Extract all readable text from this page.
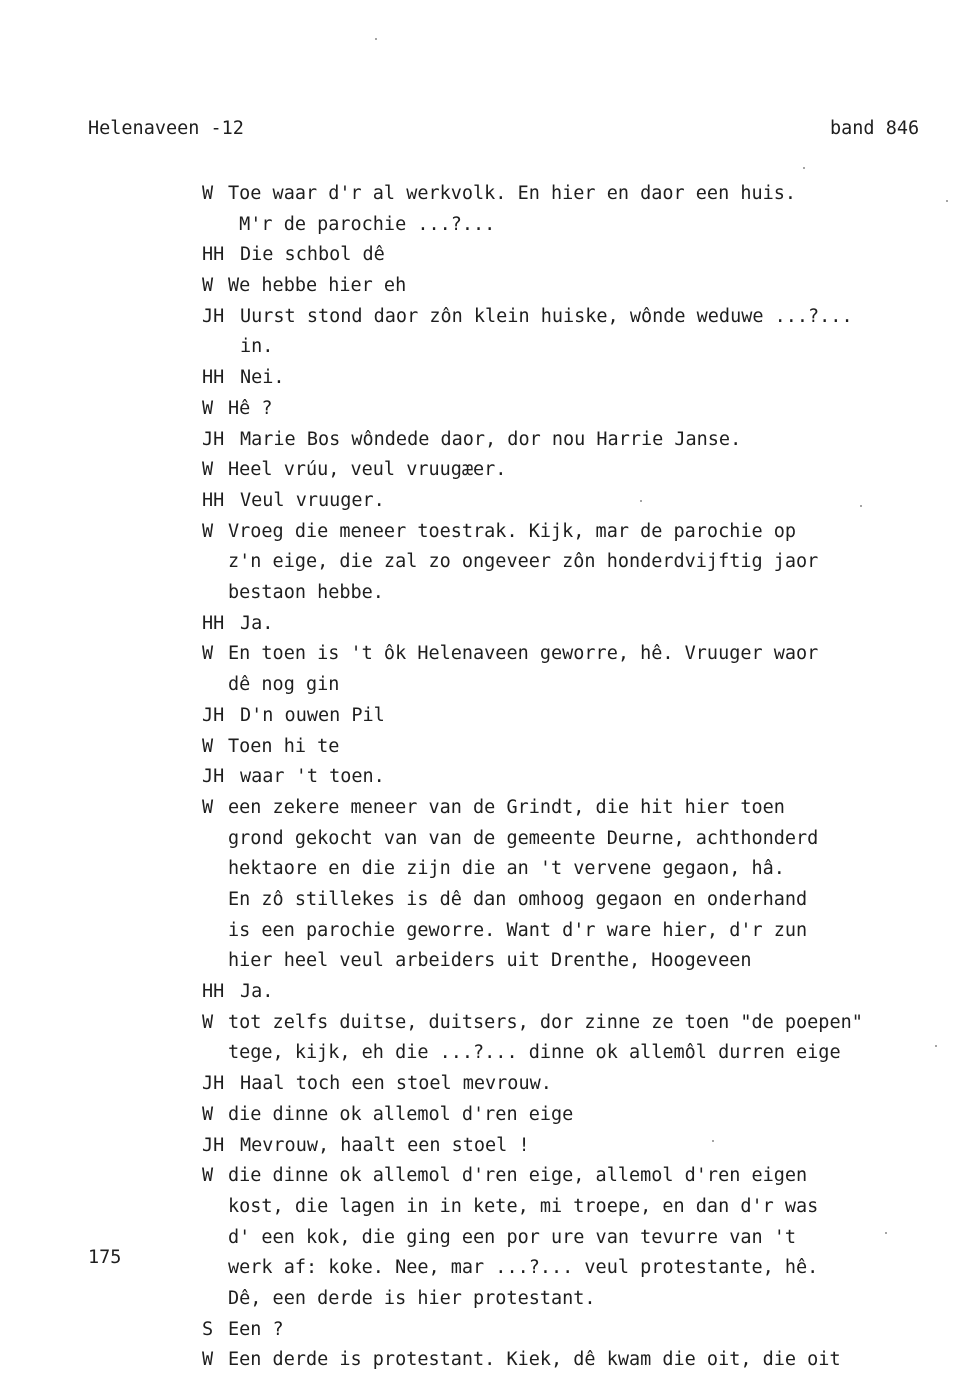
Helenaveen -12	band 846
175
W Toe waar d'r al werkvolk. En hier en daor een huis.
M'r de parochie ...?...
HH Die schbol dê
W We hebbe hier eh
JH Uurst stond daor zôn klein huiske, wônde weduwe ...?...
in.
HH Nei.
W Hê ?
JH Marie Bos wôndede daor, dor nou Harrie Janse.
W Heel vrúu, veul vruugæer.
HH Veul vruuger.
W Vroeg die meneer toestrak. Kijk, mar de parochie op
z'n eige, die zal zo ongeveer zôn honderdvijftig jaor
bestaon hebbe.
HH Ja.
W En toen is 't ôk Helenaveen geworre, hê. Vruuger waor
dê nog gin
JH D'n ouwen Pil
W Toen hi te
JH waar 't toen.
W een zekere meneer van de Grindt, die hit hier toen
grond gekocht van van de gemeente Deurne, achthonderd
hektaore en die zijn die an 't vervene gegaon, hâ.
En zô stillekes is dê dan omhoog gegaon en onderhand
is een parochie geworre. Want d'r ware hier, d'r zun
hier heel veul arbeiders uit Drenthe, Hoogeveen
HH Ja.
W tot zelfs duitse, duitsers, dor zinne ze toen "de poepen"
tege, kijk, eh die ...?... dinne ok allemôl durren eige
JH Haal toch een stoel mevrouw.
W die dinne ok allemol d'ren eige
JH Mevrouw, haalt een stoel !
W die dinne ok allemol d'ren eige, allemol d'ren eigen
kost, die lagen in in kete, mi troepe, en dan d'r was
d' een kok, die ging een por ure van tevurre van 't
werk af: koke. Nee, mar ...?... veul protestante, hê.
Dê, een derde is hier protestant.
S Een ?
W Een derde is protestant. Kiek, dê kwam die oit, die oit
